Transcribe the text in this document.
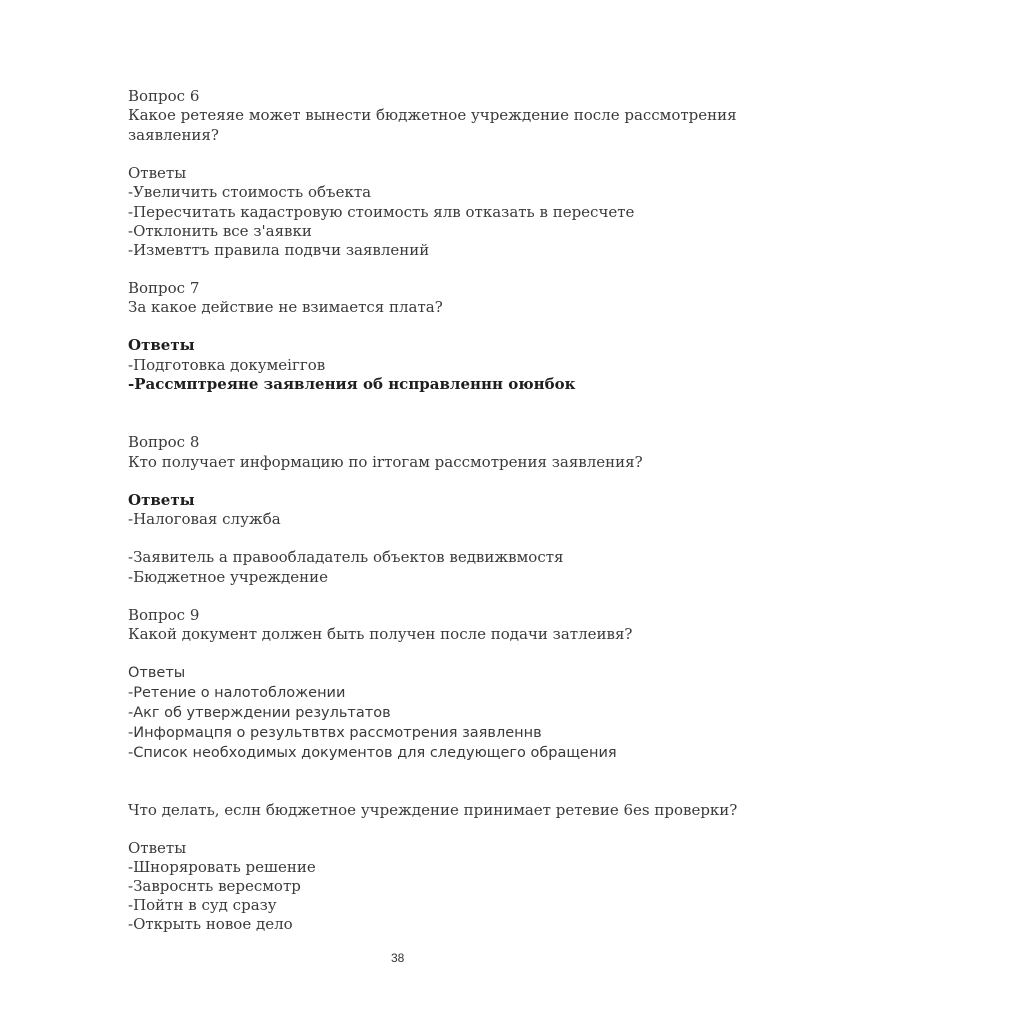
Вопрос 6
Какое ретеяяе может вынести бюджетное учреждение после рассмотрения
заявления?
Ответы
-Увеличить стоимость объекта
-Пересчитать кадастровую стоимость ялв отказать в пересчете
-Отклонить все з'аявки
-Измевттъ правила подвчи заявлений
Вопрос 7
За какое действие не взимается плата?
Ответы
-Подготовка докумеiггов
-Рассмптреяне заявления об нсправленнн оюнбок
Вопрос 8
Кто получает информацию по irтoгaм рассмотрения заявления?
Ответы
-Налоговая служба
-Заявитель а правообладатель объектов ведвижвмостя
-Бюджетное учреждение
Вопрос 9
Какой документ должен быть получен после подачи затлеивя?
Ответы
-Ретение о налотобложении
-Акг об утверждении результатов
-Информацпя о результвтвх рассмотрения заявленнв
-Список необходимых документов для следующего обращения
Что делать, еслн бюджетное учреждение принимает ретевие 6es проверки?
Ответы
-Шноряровать решение
-Завроснть вересмотр
-Пойтн в суд сразу
-Открыть новое дело
38
